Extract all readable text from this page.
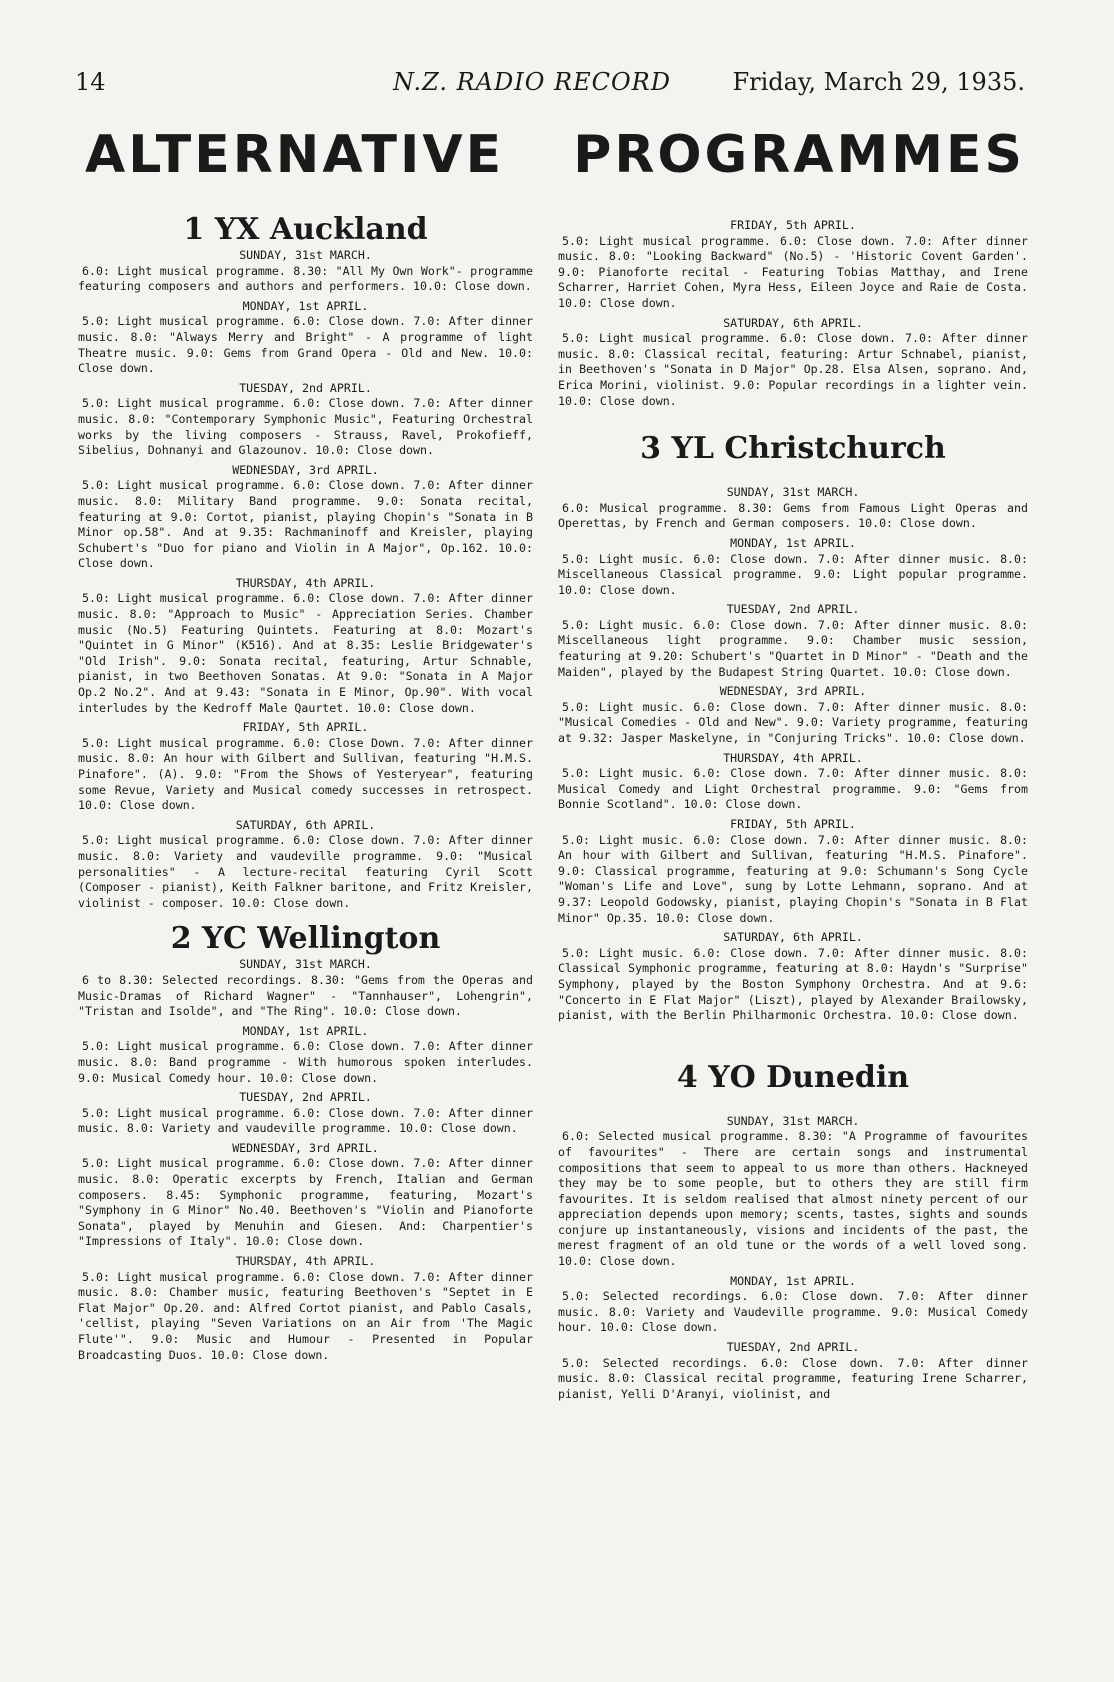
14	N.Z. RADIO RECORD	Friday, March 29, 1935.
ALTERNATIVE PROGRAMMES
1 YX Auckland

SUNDAY, 31st MARCH.

6.0: Light musical programme. 8.30: "All My Own Work"- programme featuring composers and authors and performers. 10.0: Close down.

MONDAY, 1st APRIL.

5.0: Light musical programme. 6.0: Close down. 7.0: After dinner music. 8.0: "Always Merry and Bright" - A programme of light Theatre music. 9.0: Gems from Grand Opera - Old and New. 10.0: Close down.

TUESDAY, 2nd APRIL.

5.0: Light musical programme. 6.0: Close down. 7.0: After dinner music. 8.0: "Contemporary Symphonic Music", Featuring Orchestral works by the living composers - Strauss, Ravel, Prokofieff, Sibelius, Dohnanyi and Glazounov. 10.0: Close down.

WEDNESDAY, 3rd APRIL.

5.0: Light musical programme. 6.0: Close down. 7.0: After dinner music. 8.0: Military Band programme. 9.0: Sonata recital, featuring at 9.0: Cortot, pianist, playing Chopin's "Sonata in B Minor op.58". And at 9.35: Rachmaninoff and Kreisler, playing Schubert's "Duo for piano and Violin in A Major", Op.162. 10.0: Close down.

THURSDAY, 4th APRIL.

5.0: Light musical programme. 6.0: Close down. 7.0: After dinner music. 8.0: "Approach to Music" - Appreciation Series. Chamber music (No.5) Featuring Quintets. Featuring at 8.0: Mozart's "Quintet in G Minor" (K516). And at 8.35: Leslie Bridgewater's "Old Irish". 9.0: Sonata recital, featuring, Artur Schnable, pianist, in two Beethoven Sonatas. At 9.0: "Sonata in A Major Op.2 No.2". And at 9.43: "Sonata in E Minor, Op.90". With vocal interludes by the Kedroff Male Qaurtet. 10.0: Close down.

FRIDAY, 5th APRIL.

5.0: Light musical programme. 6.0: Close Down. 7.0: After dinner music. 8.0: An hour with Gilbert and Sullivan, featuring "H.M.S. Pinafore". (A). 9.0: "From the Shows of Yesteryear", featuring some Revue, Variety and Musical comedy successes in retrospect. 10.0: Close down.

SATURDAY, 6th APRIL.

5.0: Light musical programme. 6.0: Close down. 7.0: After dinner music. 8.0: Variety and vaudeville programme. 9.0: "Musical personalities" - A lecture-recital featuring Cyril Scott (Composer - pianist), Keith Falkner baritone, and Fritz Kreisler, violinist - composer. 10.0: Close down.

2 YC Wellington

SUNDAY, 31st MARCH.

6 to 8.30: Selected recordings. 8.30: "Gems from the Operas and Music-Dramas of Richard Wagner" - "Tannhauser", Lohengrin", "Tristan and Isolde", and "The Ring". 10.0: Close down.

MONDAY, 1st APRIL.

5.0: Light musical programme. 6.0: Close down. 7.0: After dinner music. 8.0: Band programme - With humorous spoken interludes. 9.0: Musical Comedy hour. 10.0: Close down.

TUESDAY, 2nd APRIL.

5.0: Light musical programme. 6.0: Close down. 7.0: After dinner music. 8.0: Variety and vaudeville programme. 10.0: Close down.

WEDNESDAY, 3rd APRIL.

5.0: Light musical programme. 6.0: Close down. 7.0: After dinner music. 8.0: Operatic excerpts by French, Italian and German composers. 8.45: Symphonic programme, featuring, Mozart's "Symphony in G Minor" No.40. Beethoven's "Violin and Pianoforte Sonata", played by Menuhin and Giesen. And: Charpentier's "Impressions of Italy". 10.0: Close down.

THURSDAY, 4th APRIL.

5.0: Light musical programme. 6.0: Close down. 7.0: After dinner music. 8.0: Chamber music, featuring Beethoven's "Septet in E Flat Major" Op.20. and: Alfred Cortot pianist, and Pablo Casals, 'cellist, playing "Seven Variations on an Air from 'The Magic Flute'". 9.0: Music and Humour - Presented in Popular Broadcasting Duos. 10.0: Close down.

FRIDAY, 5th APRIL.

5.0: Light musical programme. 6.0: Close down. 7.0: After dinner music. 8.0: "Looking Backward" (No.5) - 'Historic Covent Garden'. 9.0: Pianoforte recital - Featuring Tobias Matthay, and Irene Scharrer, Harriet Cohen, Myra Hess, Eileen Joyce and Raie de Costa. 10.0: Close down.

SATURDAY, 6th APRIL.

5.0: Light musical programme. 6.0: Close down. 7.0: After dinner music. 8.0: Classical recital, featuring: Artur Schnabel, pianist, in Beethoven's "Sonata in D Major" Op.28. Elsa Alsen, soprano. And, Erica Morini, violinist. 9.0: Popular recordings in a lighter vein. 10.0: Close down.

3 YL Christchurch

SUNDAY, 31st MARCH.

6.0: Musical programme. 8.30: Gems from Famous Light Operas and Operettas, by French and German composers. 10.0: Close down.

MONDAY, 1st APRIL.

5.0: Light music. 6.0: Close down. 7.0: After dinner music. 8.0: Miscellaneous Classical programme. 9.0: Light popular programme. 10.0: Close down.

TUESDAY, 2nd APRIL.

5.0: Light music. 6.0: Close down. 7.0: After dinner music. 8.0: Miscellaneous light programme. 9.0: Chamber music session, featuring at 9.20: Schubert's "Quartet in D Minor" - "Death and the Maiden", played by the Budapest String Quartet. 10.0: Close down.

WEDNESDAY, 3rd APRIL.

5.0: Light music. 6.0: Close down. 7.0: After dinner music. 8.0: "Musical Comedies - Old and New". 9.0: Variety programme, featuring at 9.32: Jasper Maskelyne, in "Conjuring Tricks". 10.0: Close down.

THURSDAY, 4th APRIL.

5.0: Light music. 6.0: Close down. 7.0: After dinner music. 8.0: Musical Comedy and Light Orchestral programme. 9.0: "Gems from Bonnie Scotland". 10.0: Close down.

FRIDAY, 5th APRIL.

5.0: Light music. 6.0: Close down. 7.0: After dinner music. 8.0: An hour with Gilbert and Sullivan, featuring "H.M.S. Pinafore". 9.0: Classical programme, featuring at 9.0: Schumann's Song Cycle "Woman's Life and Love", sung by Lotte Lehmann, soprano. And at 9.37: Leopold Godowsky, pianist, playing Chopin's "Sonata in B Flat Minor" Op.35. 10.0: Close down.

SATURDAY, 6th APRIL.

5.0: Light music. 6.0: Close down. 7.0: After dinner music. 8.0: Classical Symphonic programme, featuring at 8.0: Haydn's "Surprise" Symphony, played by the Boston Symphony Orchestra. And at 9.6: "Concerto in E Flat Major" (Liszt), played by Alexander Brailowsky, pianist, with the Berlin Philharmonic Orchestra. 10.0: Close down.

4 YO Dunedin

SUNDAY, 31st MARCH.

6.0: Selected musical programme. 8.30: "A Programme of favourites of favourites" - There are certain songs and instrumental compositions that seem to appeal to us more than others. Hackneyed they may be to some people, but to others they are still firm favourites. It is seldom realised that almost ninety percent of our appreciation depends upon memory; scents, tastes, sights and sounds conjure up instantaneously, visions and incidents of the past, the merest fragment of an old tune or the words of a well loved song. 10.0: Close down.

MONDAY, 1st APRIL.

5.0: Selected recordings. 6.0: Close down. 7.0: After dinner music. 8.0: Variety and Vaudeville programme. 9.0: Musical Comedy hour. 10.0: Close down.

TUESDAY, 2nd APRIL.

5.0: Selected recordings. 6.0: Close down. 7.0: After dinner music. 8.0: Classical recital programme, featuring Irene Scharrer, pianist, Yelli D'Aranyi, violinist, and
